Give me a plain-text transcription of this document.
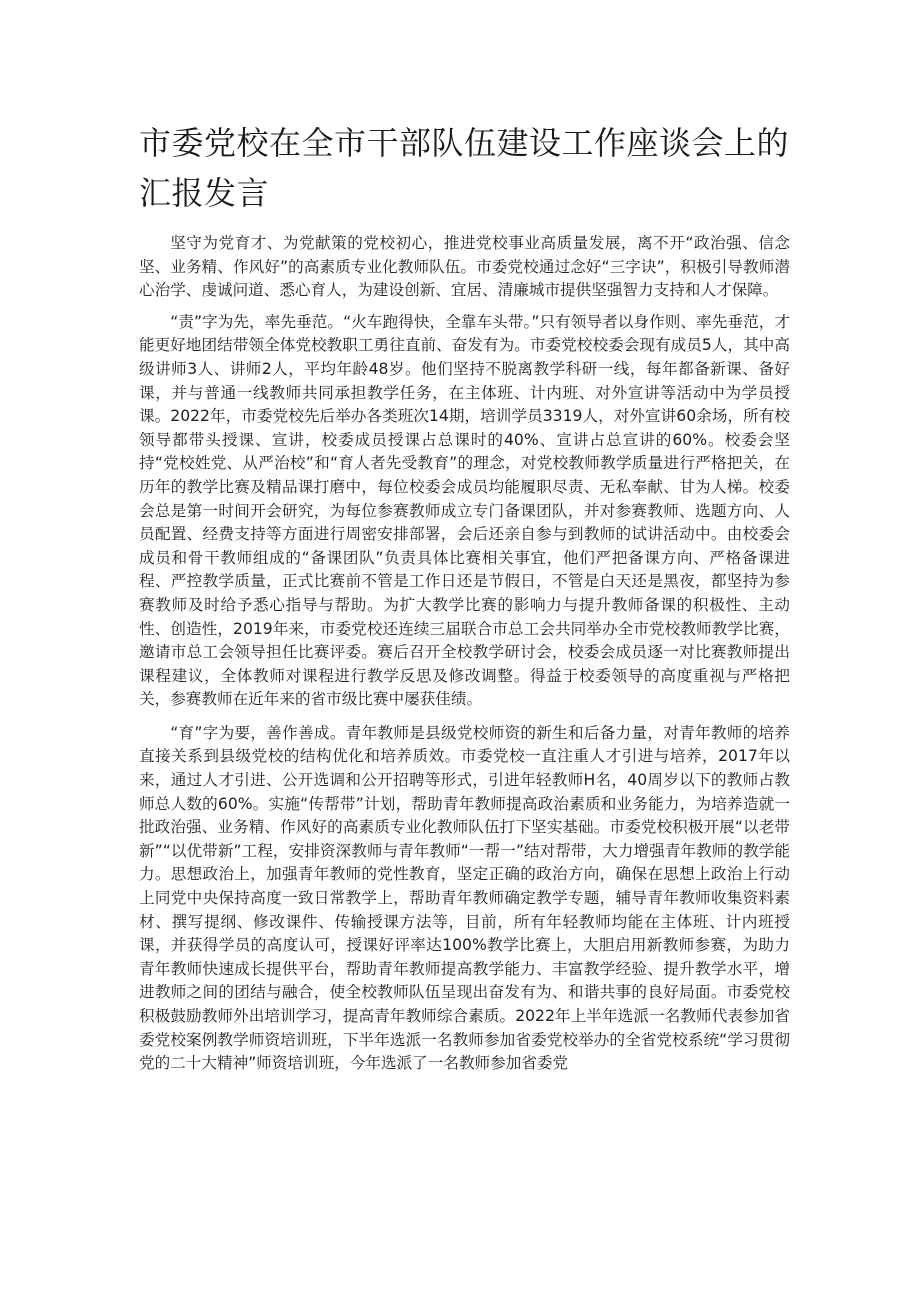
市委党校在全市干部队伍建设工作座谈会上的汇报发言

坚守为党育才、为党献策的党校初心，推进党校事业高质量发展，离不开“政治强、信念坚、业务精、作风好”的高素质专业化教师队伍。市委党校通过念好“三字诀”，积极引导教师潜心治学、虔诚问道、悉心育人，为建设创新、宜居、清廉城市提供坚强智力支持和人才保障。

“责”字为先，率先垂范。“火车跑得快，全靠车头带。”只有领导者以身作则、率先垂范，才能更好地团结带领全体党校教职工勇往直前、奋发有为。市委党校校委会现有成员5人，其中高级讲师3人、讲师2人，平均年龄48岁。他们坚持不脱离教学科研一线，每年都备新课、备好课，并与普通一线教师共同承担教学任务，在主体班、计内班、对外宣讲等活动中为学员授课。2022年，市委党校先后举办各类班次14期，培训学员3319人，对外宣讲60余场，所有校领导都带头授课、宣讲，校委成员授课占总课时的40%、宣讲占总宣讲的60%。校委会坚持“党校姓党、从严治校”和“育人者先受教育”的理念，对党校教师教学质量进行严格把关，在历年的教学比赛及精品课打磨中，每位校委会成员均能履职尽责、无私奉献、甘为人梯。校委会总是第一时间开会研究，为每位参赛教师成立专门备课团队，并对参赛教师、选题方向、人员配置、经费支持等方面进行周密安排部署，会后还亲自参与到教师的试讲活动中。由校委会成员和骨干教师组成的“备课团队”负责具体比赛相关事宜，他们严把备课方向、严格备课进程、严控教学质量，正式比赛前不管是工作日还是节假日，不管是白天还是黑夜，都坚持为参赛教师及时给予悉心指导与帮助。为扩大教学比赛的影响力与提升教师备课的积极性、主动性、创造性，2019年来，市委党校还连续三届联合市总工会共同举办全市党校教师教学比赛，邀请市总工会领导担任比赛评委。赛后召开全校教学研讨会，校委会成员逐一对比赛教师提出课程建议，全体教师对课程进行教学反思及修改调整。得益于校委领导的高度重视与严格把关，参赛教师在近年来的省市级比赛中屡获佳绩。

“育”字为要，善作善成。青年教师是县级党校师资的新生和后备力量，对青年教师的培养直接关系到县级党校的结构优化和培养质效。市委党校一直注重人才引进与培养，2017年以来，通过人才引进、公开选调和公开招聘等形式，引进年轻教师H名，40周岁以下的教师占教师总人数的60%。实施“传帮带”计划，帮助青年教师提高政治素质和业务能力，为培养造就一批政治强、业务精、作风好的高素质专业化教师队伍打下坚实基础。市委党校积极开展“以老带新”“以优带新”工程，安排资深教师与青年教师“一帮一”结对帮带，大力增强青年教师的教学能力。思想政治上，加强青年教师的党性教育，坚定正确的政治方向，确保在思想上政治上行动上同党中央保持高度一致日常教学上，帮助青年教师确定教学专题，辅导青年教师收集资料素材、撰写提纲、修改课件、传输授课方法等，目前，所有年轻教师均能在主体班、计内班授课，并获得学员的高度认可，授课好评率达100%教学比赛上，大胆启用新教师参赛，为助力青年教师快速成长提供平台，帮助青年教师提高教学能力、丰富教学经验、提升教学水平，增进教师之间的团结与融合，使全校教师队伍呈现出奋发有为、和谐共事的良好局面。市委党校积极鼓励教师外出培训学习，提高青年教师综合素质。2022年上半年选派一名教师代表参加省委党校案例教学师资培训班，下半年选派一名教师参加省委党校举办的全省党校系统“学习贯彻党的二十大精神”师资培训班，今年选派了一名教师参加省委党
